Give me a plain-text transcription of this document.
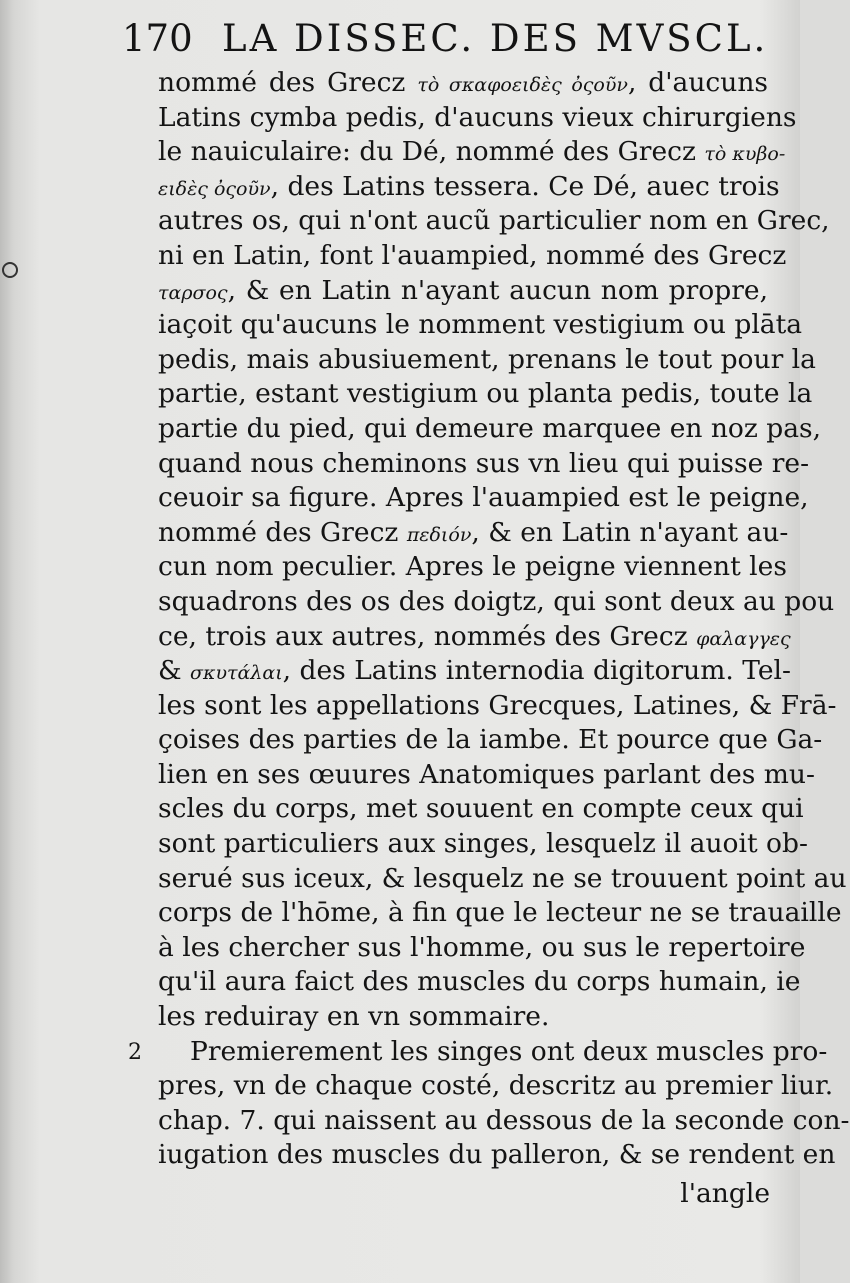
170 LA DISSEC. DES MVSCL.
nommé des Grecz τὸ σκαφοειδὲς ὀςοῦν, d'aucuns
Latins cymba pedis, d'aucuns vieux chirurgiens
le nauiculaire: du Dé, nommé des Grecz τὸ κυβο-
ειδὲς ὀςοῦν, des Latins tessera. Ce Dé, auec trois
autres os, qui n'ont aucũ particulier nom en Grec,
ni en Latin, font l'auampied, nommé des Grecz
ταρσος, & en Latin n'ayant aucun nom propre,
iaçoit qu'aucuns le nomment vestigium ou plāta
pedis, mais abusiuement, prenans le tout pour la
partie, estant vestigium ou planta pedis, toute la
partie du pied, qui demeure marquee en noz pas,
quand nous cheminons sus vn lieu qui puisse re-
ceuoir sa figure. Apres l'auampied est le peigne,
nommé des Grecz πεδιόν, & en Latin n'ayant au-
cun nom peculier. Apres le peigne viennent les
squadrons des os des doigtz, qui sont deux au pou
ce, trois aux autres, nommés des Grecz φαλαγγες
& σκυτάλαι, des Latins internodia digitorum. Tel-
les sont les appellations Grecques, Latines, & Frā-
çoises des parties de la iambe. Et pource que Ga-
lien en ses œuures Anatomiques parlant des mu-
scles du corps, met souuent en compte ceux qui
sont particuliers aux singes, lesquelz il auoit ob-
serué sus iceux, & lesquelz ne se trouuent point au
corps de l'hōme, à fin que le lecteur ne se trauaille
à les chercher sus l'homme, ou sus le repertoire
qu'il aura faict des muscles du corps humain, ie
les reduiray en vn sommaire.
Premierement les singes ont deux muscles pro-
pres, vn de chaque costé, descritz au premier liur.
chap. 7. qui naissent au dessous de la seconde con-
iugation des muscles du palleron, & se rendent en
2
l'angle
